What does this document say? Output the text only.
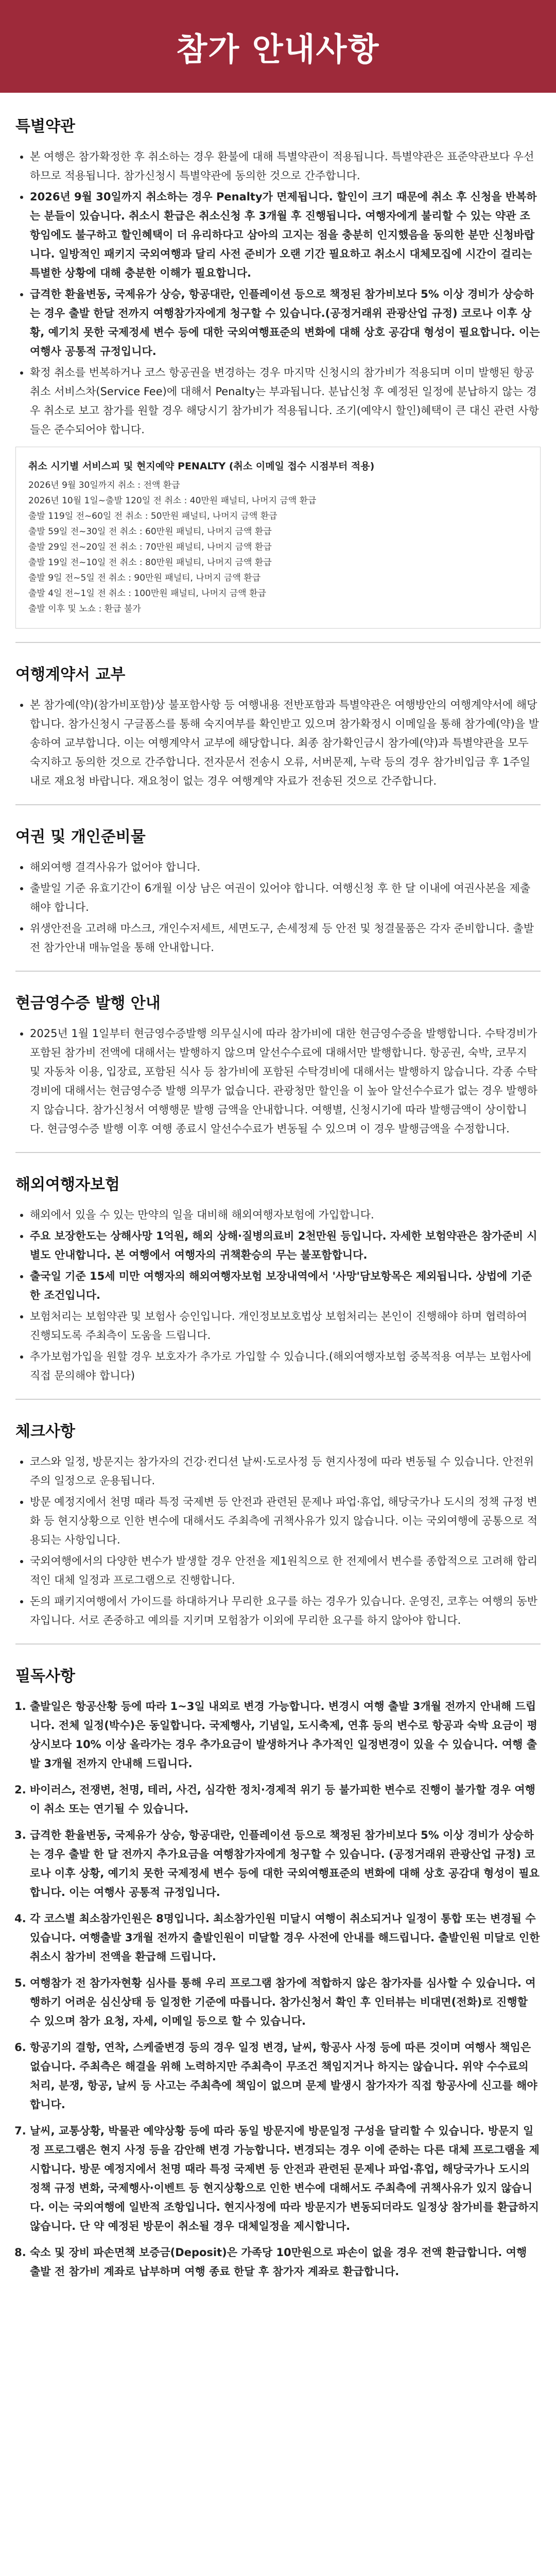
참가 안내사항
특별약관
• 본 여행은 참가확정한 후 취소하는 경우 환불에 대해 특별약관이 적용됩니다. 특별약관은 표준약관보다 우선하므로 적용됩니다. 참가신청시 특별약관에 동의한 것으로 간주합니다.
• 2026년 9월 30일까지 취소하는 경우 Penalty가 면제됩니다. 할인이 크기 때문에 취소 후 신청을 반복하는 분들이 있습니다. 취소시 환급은 취소신청 후 3개월 후 진행됩니다. 여행자에게 불리할 수 있는 약관 조항임에도 불구하고 할인혜택이 더 유리하다고 삼아의 고지는 점을 충분히 인지했음을 동의한 분만 신청바랍니다. 일방적인 패키지 국외여행과 달리 사전 준비가 오랜 기간 필요하고 취소시 대체모집에 시간이 걸리는 특별한 상황에 대해 충분한 이해가 필요합니다.
• 급격한 환율변동, 국제유가 상승, 항공대란, 인플레이션 등으로 책정된 참가비보다 5% 이상 경비가 상승하는 경우 출발 한달 전까지 여행참가자에게 청구할 수 있습니다.(공정거래위 관광산업 규정) 코로나 이후 상황, 예기치 못한 국제정세 변수 등에 대한 국외여행표준의 변화에 대해 상호 공감대 형성이 필요합니다. 이는 여행사 공통적 규정입니다.
• 확정 취소를 번복하거나 코스 항공권을 변경하는 경우 마지막 신청시의 참가비가 적용되며 이미 발행된 항공취소 서비스차(Service Fee)에 대해서 Penalty는 부과됩니다. 분납신청 후 예정된 일정에 분납하지 않는 경우 취소로 보고 참가를 원할 경우 해당시기 참가비가 적용됩니다. 조기(예약시 할인)혜택이 큰 대신 관련 사항들은 준수되어야 합니다.
취소 시기별 서비스피 및 현지예약 PENALTY (취소 이메일 접수 시점부터 적용)
2026년 9월 30일까지 취소 : 전액 환급
2026년 10월 1일~출발 120일 전 취소 : 40만원 패널티, 나머지 금액 환급
출발 119일 전~60일 전 취소 : 50만원 패널티, 나머지 금액 환급
출발 59일 전~30일 전 취소 : 60만원 패널티, 나머지 금액 환급
출발 29일 전~20일 전 취소 : 70만원 패널티, 나머지 금액 환급
출발 19일 전~10일 전 취소 : 80만원 패널티, 나머지 금액 환급
출발 9일 전~5일 전 취소 : 90만원 패널티, 나머지 금액 환급
출발 4일 전~1일 전 취소 : 100만원 패널티, 나머지 금액 환급
출발 이후 및 노쇼 : 환급 불가
여행계약서 교부
• 본 참가예(약)(참가비포함)상 불포함사항 등 여행내용 전반포함과 특별약관은 여행방안의 여행계약서에 해당합니다. 참가신청시 구글폼스를 통해 숙지여부를 확인받고 있으며 참가확정시 이메일을 통해 참가예(약)을 발송하여 교부합니다. 이는 여행계약서 교부에 해당합니다. 최종 참가확인금시 참가예(약)과 특별약관을 모두 숙지하고 동의한 것으로 간주합니다. 전자문서 전송시 오류, 서버문제, 누락 등의 경우 참가비입금 후 1주일 내로 재요청 바랍니다. 재요청이 없는 경우 여행계약 자료가 전송된 것으로 간주합니다.
여권 및 개인준비물
• 해외여행 결격사유가 없어야 합니다.
• 출발일 기준 유효기간이 6개월 이상 남은 여권이 있어야 합니다. 여행신청 후 한 달 이내에 여권사본을 제출해야 합니다.
• 위생안전을 고려해 마스크, 개인수저세트, 세면도구, 손세정제 등 안전 및 청결물품은 각자 준비합니다. 출발 전 참가안내 매뉴얼을 통해 안내합니다.
현금영수증 발행 안내
• 2025년 1월 1일부터 현금영수증발행 의무실시에 따라 참가비에 대한 현금영수증을 발행합니다. 수탁경비가 포함된 참가비 전액에 대해서는 발행하지 않으며 알선수수료에 대해서만 발행합니다. 항공권, 숙박, 코무지 및 자동차 이용, 입장료, 포함된 식사 등 참가비에 포함된 수탁경비에 대해서는 발행하지 않습니다. 각종 수탁경비에 대해서는 현금영수증 발행 의무가 없습니다. 관광청만 할인을 이 높아 알선수수료가 없는 경우 발행하지 않습니다. 참가신청서 여행행문 발행 금액을 안내합니다. 여행별, 신청시기에 따라 발행금액이 상이합니다. 현금영수증 발행 이후 여행 종료시 알선수수료가 변동될 수 있으며 이 경우 발행금액을 수정합니다.
해외여행자보험
• 해외에서 있을 수 있는 만약의 일을 대비해 해외여행자보험에 가입합니다.
• 주요 보장한도는 상해사망 1억원, 해외 상해·질병의료비 2천만원 등입니다. 자세한 보험약관은 참가준비 시 별도 안내합니다. 본 여행에서 여행자의 귀책환승의 무는 불포함합니다.
• 출국일 기준 15세 미만 여행자의 해외여행자보험 보장내역에서 '사망'담보항목은 제외됩니다. 상법에 기준한 조건입니다.
• 보험처리는 보험약관 및 보험사 승인입니다. 개인정보보호법상 보험처리는 본인이 진행해야 하며 협력하여 진행되도록 주최측이 도움을 드립니다.
• 추가보험가입을 원할 경우 보호자가 추가로 가입할 수 있습니다.(해외여행자보험 중복적용 여부는 보험사에 직접 문의해야 합니다)
체크사항
• 코스와 일정, 방문지는 참가자의 건강·컨디션 날씨·도로사정 등 현지사정에 따라 변동될 수 있습니다. 안전위주의 일정으로 운용됩니다.
• 방문 예정지에서 천명 때라 특정 국제변 등 안전과 관련된 문제나 파업·휴업, 해당국가나 도시의 정책 규정 변화 등 현지상황으로 인한 변수에 대해서도 주최측에 귀책사유가 있지 않습니다. 이는 국외여행에 공통으로 적용되는 사항입니다.
• 국외여행에서의 다양한 변수가 발생할 경우 안전을 제1원칙으로 한 전제에서 변수를 종합적으로 고려해 합리적인 대체 일정과 프로그램으로 진행합니다.
• 돈의 패키지여행에서 가이드를 하대하거나 무리한 요구를 하는 경우가 있습니다. 운영진, 코후는 여행의 동반자입니다. 서로 존중하고 예의를 지키며 모험참가 이외에 무리한 요구를 하지 않아야 합니다.
필독사항
1. 출발일은 항공산황 등에 따라 1~3일 내외로 변경 가능합니다. 변경시 여행 출발 3개월 전까지 안내해 드립니다. 전체 일정(박수)은 동일합니다. 국제행사, 기념일, 도시축제, 연휴 등의 변수로 항공과 숙박 요금이 평상시보다 10% 이상 올라가는 경우 추가요금이 발생하거나 추가적인 일정변경이 있을 수 있습니다. 여행 출발 3개월 전까지 안내해 드립니다.
2. 바이러스, 전쟁변, 천명, 테러, 사건, 심각한 정치·경제적 위기 등 불가피한 변수로 진행이 불가할 경우 여행이 취소 또는 연기될 수 있습니다.
3. 급격한 환율변동, 국제유가 상승, 항공대란, 인플레이션 등으로 책정된 참가비보다 5% 이상 경비가 상승하는 경우 출발 한 달 전까지 추가요금을 여행참가자에게 청구할 수 있습니다. (공정거래위 관광산업 규정) 코로나 이후 상황, 예기치 못한 국제정세 변수 등에 대한 국외여행표준의 변화에 대해 상호 공감대 형성이 필요합니다. 이는 여행사 공통적 규정입니다.
4. 각 코스별 최소참가인원은 8명입니다. 최소참가인원 미달시 여행이 취소되거나 일정이 통합 또는 변경될 수 있습니다. 여행출발 3개월 전까지 출발인원이 미달할 경우 사전에 안내를 해드립니다. 출발인원 미달로 인한 취소시 참가비 전액을 환급해 드립니다.
5. 여행참가 전 참가자현황 심사를 통해 우리 프로그램 참가에 적합하지 않은 참가자를 심사할 수 있습니다. 여행하기 어려운 심신상태 등 일정한 기준에 따릅니다. 참가신청서 확인 후 인터뷰는 비대면(전화)로 진행할 수 있으며 참가 요청, 자세, 이메일 등으로 할 수 있습니다.
6. 항공기의 결항, 연착, 스케줄변경 등의 경우 일정 변경, 날씨, 항공사 사정 등에 따른 것이며 여행사 책임은 없습니다. 주최측은 해결을 위해 노력하지만 주최측이 무조건 책임지거나 하지는 않습니다. 위약 수수료의 처리, 분쟁, 항공, 날씨 등 사고는 주최측에 책임이 없으며 문제 발생시 참가자가 직접 항공사에 신고를 해야 합니다.
7. 날씨, 교통상황, 박물관 예약상황 등에 따라 동일 방문지에 방문일정 구성을 달리할 수 있습니다. 방문지 일정 프로그램은 현지 사정 등을 감안해 변경 가능합니다. 변경되는 경우 이에 준하는 다른 대체 프로그램을 제시합니다. 방문 예정지에서 천명 때라 특정 국제변 등 안전과 관련된 문제나 파업·휴업, 해당국가나 도시의 정책 규정 변화, 국제행사·이벤트 등 현지상황으로 인한 변수에 대해서도 주최측에 귀책사유가 있지 않습니다. 이는 국외여행에 일반적 조항입니다. 현지사정에 따라 방문지가 변동되더라도 일정상 참가비를 환급하지 않습니다. 단 약 예정된 방문이 취소될 경우 대체일정을 제시합니다.
8. 숙소 및 장비 파손면책 보증금(Deposit)은 가족당 10만원으로 파손이 없을 경우 전액 환급합니다. 여행 출발 전 참가비 계좌로 납부하며 여행 종료 한달 후 참가자 계좌로 환급합니다.
